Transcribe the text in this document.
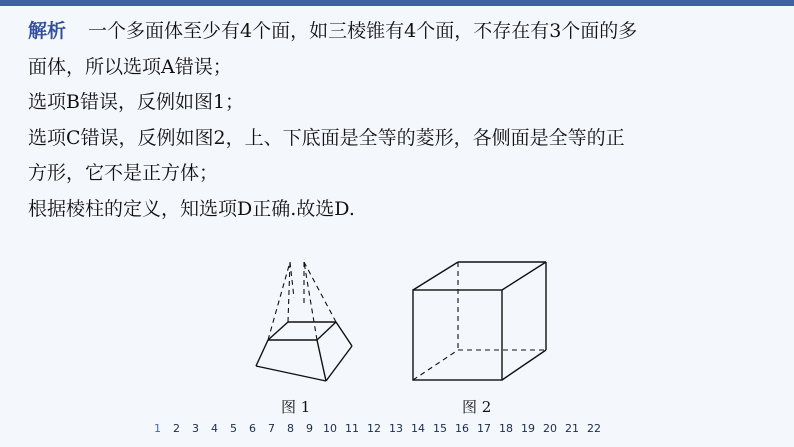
解析 一个多面体至少有4个面，如三棱锥有4个面，不存在有3个面的多

面体，所以选项A错误；

选项B错误，反例如图1；

选项C错误，反例如图2，上、下底面是全等的菱形，各侧面是全等的正

方形，它不是正方体；

根据棱柱的定义，知选项D正确.故选D.

图 1	图 2
1	2	3	4	5	6	7	8	9 10 11 12 13 14 15 16 17 18 19 20 21 22
